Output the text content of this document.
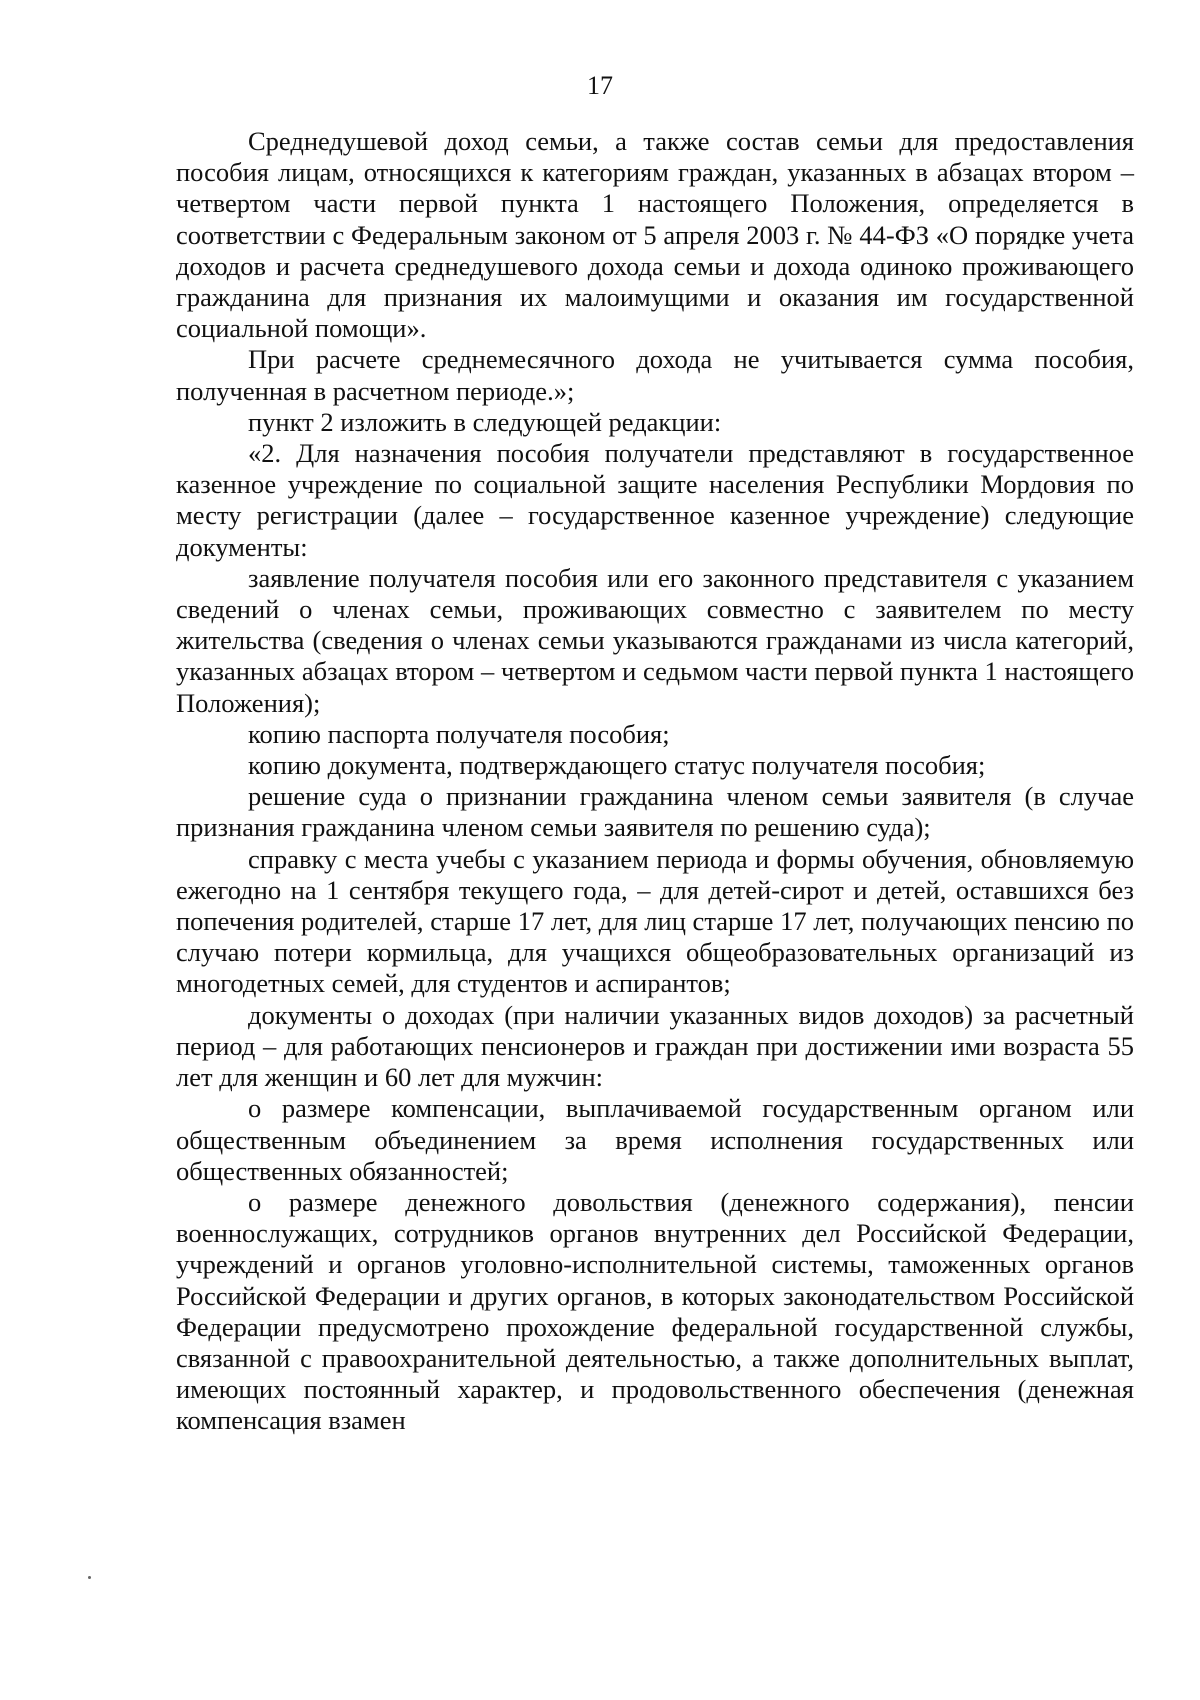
17

Среднедушевой доход семьи, а также состав семьи для предоставления пособия лицам, относящихся к категориям граждан, указанных в абзацах втором – четвертом части первой пункта 1 настоящего Положения, определяется в соответствии с Федеральным законом от 5 апреля 2003 г. № 44-ФЗ «О порядке учета доходов и расчета среднедушевого дохода семьи и дохода одиноко проживающего гражданина для признания их малоимущими и оказания им государственной социальной помощи».

При расчете среднемесячного дохода не учитывается сумма пособия, полученная в расчетном периоде.»;

пункт 2 изложить в следующей редакции:

«2. Для назначения пособия получатели представляют в государственное казенное учреждение по социальной защите населения Республики Мордовия по месту регистрации (далее – государственное казенное учреждение) следующие документы:

заявление получателя пособия или его законного представителя с указанием сведений о членах семьи, проживающих совместно с заявителем по месту жительства (сведения о членах семьи указываются гражданами из числа категорий, указанных абзацах втором – четвертом и седьмом части первой пункта 1 настоящего Положения);

копию паспорта получателя пособия;

копию документа, подтверждающего статус получателя пособия;

решение суда о признании гражданина членом семьи заявителя (в случае признания гражданина членом семьи заявителя по решению суда);

справку с места учебы с указанием периода и формы обучения, обновляемую ежегодно на 1 сентября текущего года, – для детей-сирот и детей, оставшихся без попечения родителей, старше 17 лет, для лиц старше 17 лет, получающих пенсию по случаю потери кормильца, для учащихся общеобразовательных организаций из многодетных семей, для студентов и аспирантов;

документы о доходах (при наличии указанных видов доходов) за расчетный период – для работающих пенсионеров и граждан при достижении ими возраста 55 лет для женщин и 60 лет для мужчин:

о размере компенсации, выплачиваемой государственным органом или общественным объединением за время исполнения государственных или общественных обязанностей;

о размере денежного довольствия (денежного содержания), пенсии военнослужащих, сотрудников органов внутренних дел Российской Федерации, учреждений и органов уголовно-исполнительной системы, таможенных органов Российской Федерации и других органов, в которых законодательством Российской Федерации предусмотрено прохождение федеральной государственной службы, связанной с правоохранительной деятельностью, а также дополнительных выплат, имеющих постоянный характер, и продовольственного обеспечения (денежная компенсация взамен
